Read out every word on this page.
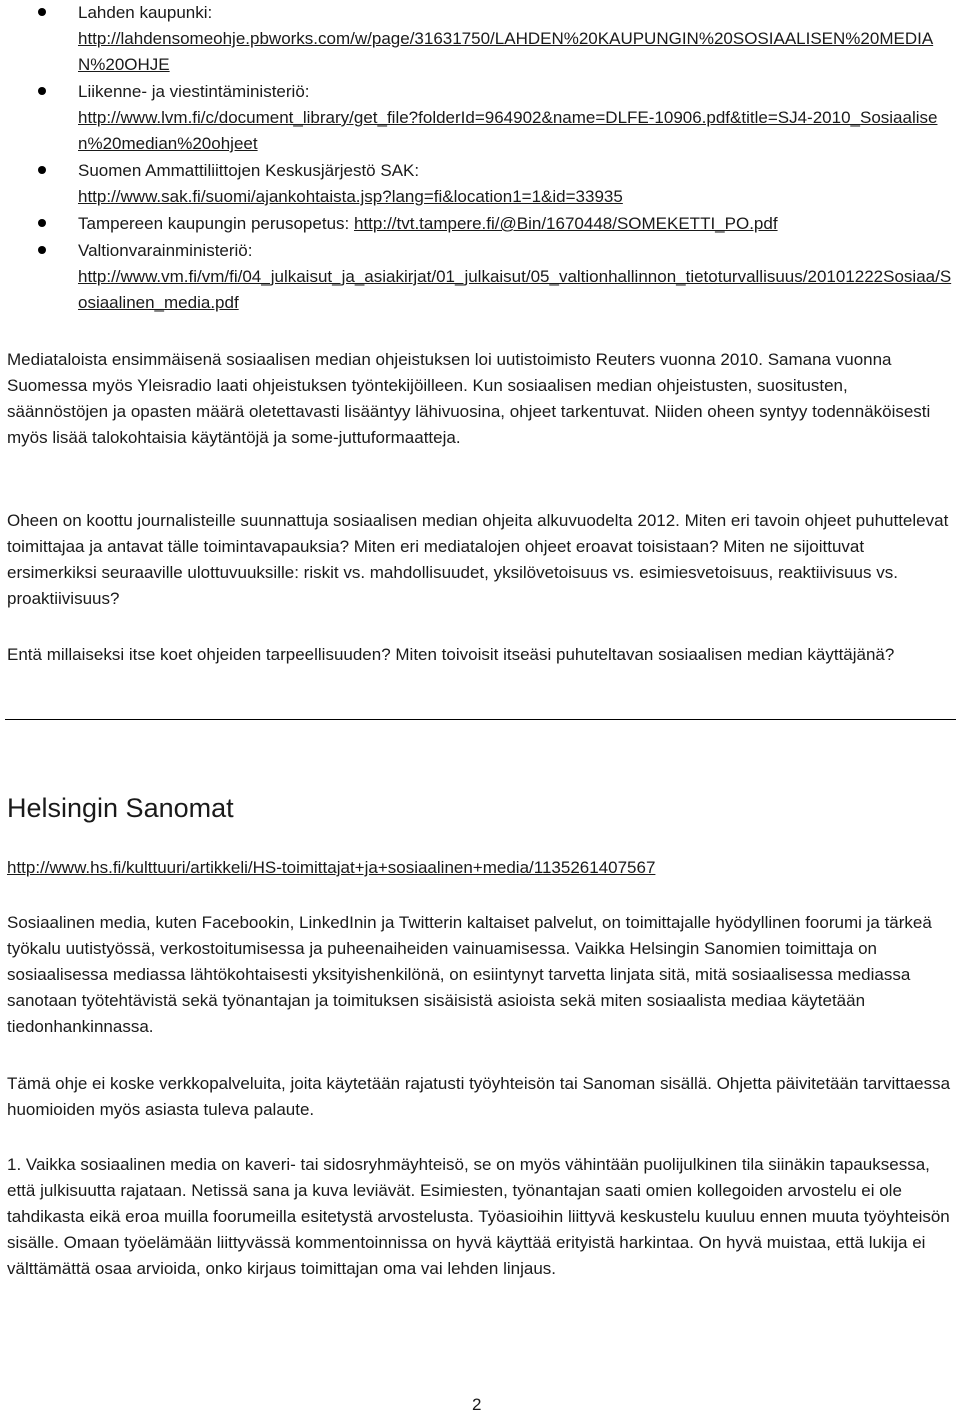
Lahden kaupunki:
http://lahdensomeohje.pbworks.com/w/page/31631750/LAHDEN%20KAUPUNGIN%20SOSIAALISEN%20MEDIAN%20OHJE
Liikenne- ja viestintäministeriö:
http://www.lvm.fi/c/document_library/get_file?folderId=964902&name=DLFE-10906.pdf&title=SJ4-2010_Sosiaalisen%20median%20ohjeet
Suomen Ammattiliittojen Keskusjärjestö SAK:
http://www.sak.fi/suomi/ajankohtaista.jsp?lang=fi&location1=1&id=33935
Tampereen kaupungin perusopetus: http://tvt.tampere.fi/@Bin/1670448/SOMEKETTI_PO.pdf
Valtionvarainministeriö:
http://www.vm.fi/vm/fi/04_julkaisut_ja_asiakirjat/01_julkaisut/05_valtionhallinnon_tietoturvallisuus/20101222Sosiaa/Sosiaalinen_media.pdf

Mediataloista ensimmäisenä sosiaalisen median ohjeistuksen loi uutistoimisto Reuters vuonna 2010. Samana vuonna Suomessa myös Yleisradio laati ohjeistuksen työntekijöilleen. Kun sosiaalisen median ohjeistusten, suositusten, säännöstöjen ja opasten määrä oletettavasti lisääntyy lähivuosina, ohjeet tarkentuvat. Niiden oheen syntyy todennäköisesti myös lisää talokohtaisia käytäntöjä ja some-juttuformaatteja.

Oheen on koottu journalisteille suunnattuja sosiaalisen median ohjeita alkuvuodelta 2012. Miten eri tavoin ohjeet puhuttelevat toimittajaa ja antavat tälle toimintavapauksia? Miten eri mediatalojen ohjeet eroavat toisistaan? Miten ne sijoittuvat ersimerkiksi seuraaville ulottuvuuksille: riskit vs. mahdollisuudet, yksilövetoisuus vs. esimiesvetoisuus, reaktiivisuus vs. proaktiivisuus?

Entä millaiseksi itse koet ohjeiden tarpeellisuuden? Miten toivoisit itseäsi puhuteltavan sosiaalisen median käyttäjänä?

Helsingin Sanomat
http://www.hs.fi/kulttuuri/artikkeli/HS-toimittajat+ja+sosiaalinen+media/1135261407567

Sosiaalinen media, kuten Facebookin, LinkedInin ja Twitterin kaltaiset palvelut, on toimittajalle hyödyllinen foorumi ja tärkeä työkalu uutistyössä, verkostoitumisessa ja puheenaiheiden vainuamisessa. Vaikka Helsingin Sanomien toimittaja on sosiaalisessa mediassa lähtökohtaisesti yksityishenkilönä, on esiintynyt tarvetta linjata sitä, mitä sosiaalisessa mediassa sanotaan työtehtävistä sekä työnantajan ja toimituksen sisäisistä asioista sekä miten sosiaalista mediaa käytetään tiedonhankinnassa.

Tämä ohje ei koske verkkopalveluita, joita käytetään rajatusti työyhteisön tai Sanoman sisällä. Ohjetta päivitetään tarvittaessa huomioiden myös asiasta tuleva palaute.

1. Vaikka sosiaalinen media on kaveri- tai sidosryhmäyhteisö, se on myös vähintään puolijulkinen tila siinäkin tapauksessa, että julkisuutta rajataan. Netissä sana ja kuva leviävät. Esimiesten, työnantajan saati omien kollegoiden arvostelu ei ole tahdikasta eikä eroa muilla foorumeilla esitetystä arvostelusta. Työasioihin liittyvä keskustelu kuuluu ennen muuta työyhteisön sisälle. Omaan työelämään liittyvässä kommentoinnissa on hyvä käyttää erityistä harkintaa. On hyvä muistaa, että lukija ei välttämättä osaa arvioida, onko kirjaus toimittajan oma vai lehden linjaus.

2
